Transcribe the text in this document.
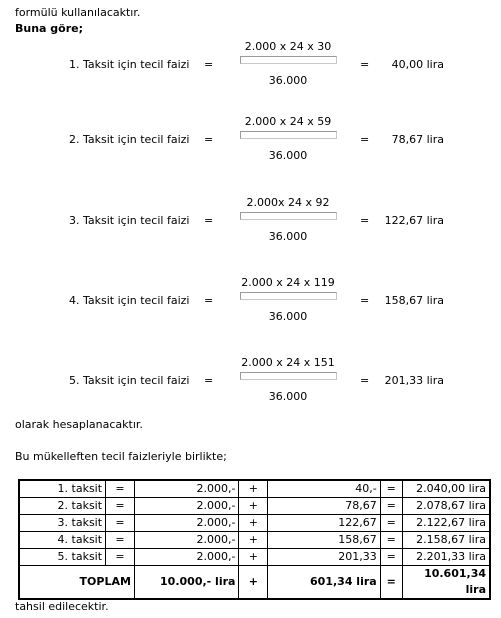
formülü kullanılacaktır.
Buna göre;
1. Taksit için tecil faizi =
2.000 x 24 x 30
36.000
=	40,00 lira
2. Taksit için tecil faizi =
2.000 x 24 x 59
36.000
=	78,67 lira
3. Taksit için tecil faizi =
2.000x 24 x 92
36.000
=	122,67 lira
4. Taksit için tecil faizi =
2.000 x 24 x 119
36.000
=	158,67 lira
5. Taksit için tecil faizi =
2.000 x 24 x 151
36.000
=	201,33 lira
olarak hesaplanacaktır.
Bu mükelleften tecil faizleriyle birlikte;
1. taksit	=	2.000,-	+	40,-	=	2.040,00 lira
2. taksit	=	2.000,-	+	78,67	=	2.078,67 lira
3. taksit	=	2.000,-	+	122,67	=	2.122,67 lira
4. taksit	=	2.000,-	+	158,67	=	2.158,67 lira
5. taksit	=	2.000,-	+	201,33	=	2.201,33 lira
TOPLAM		10.000,- lira	+	601,34 lira	=	10.601,34 lira
tahsil edilecektir.
